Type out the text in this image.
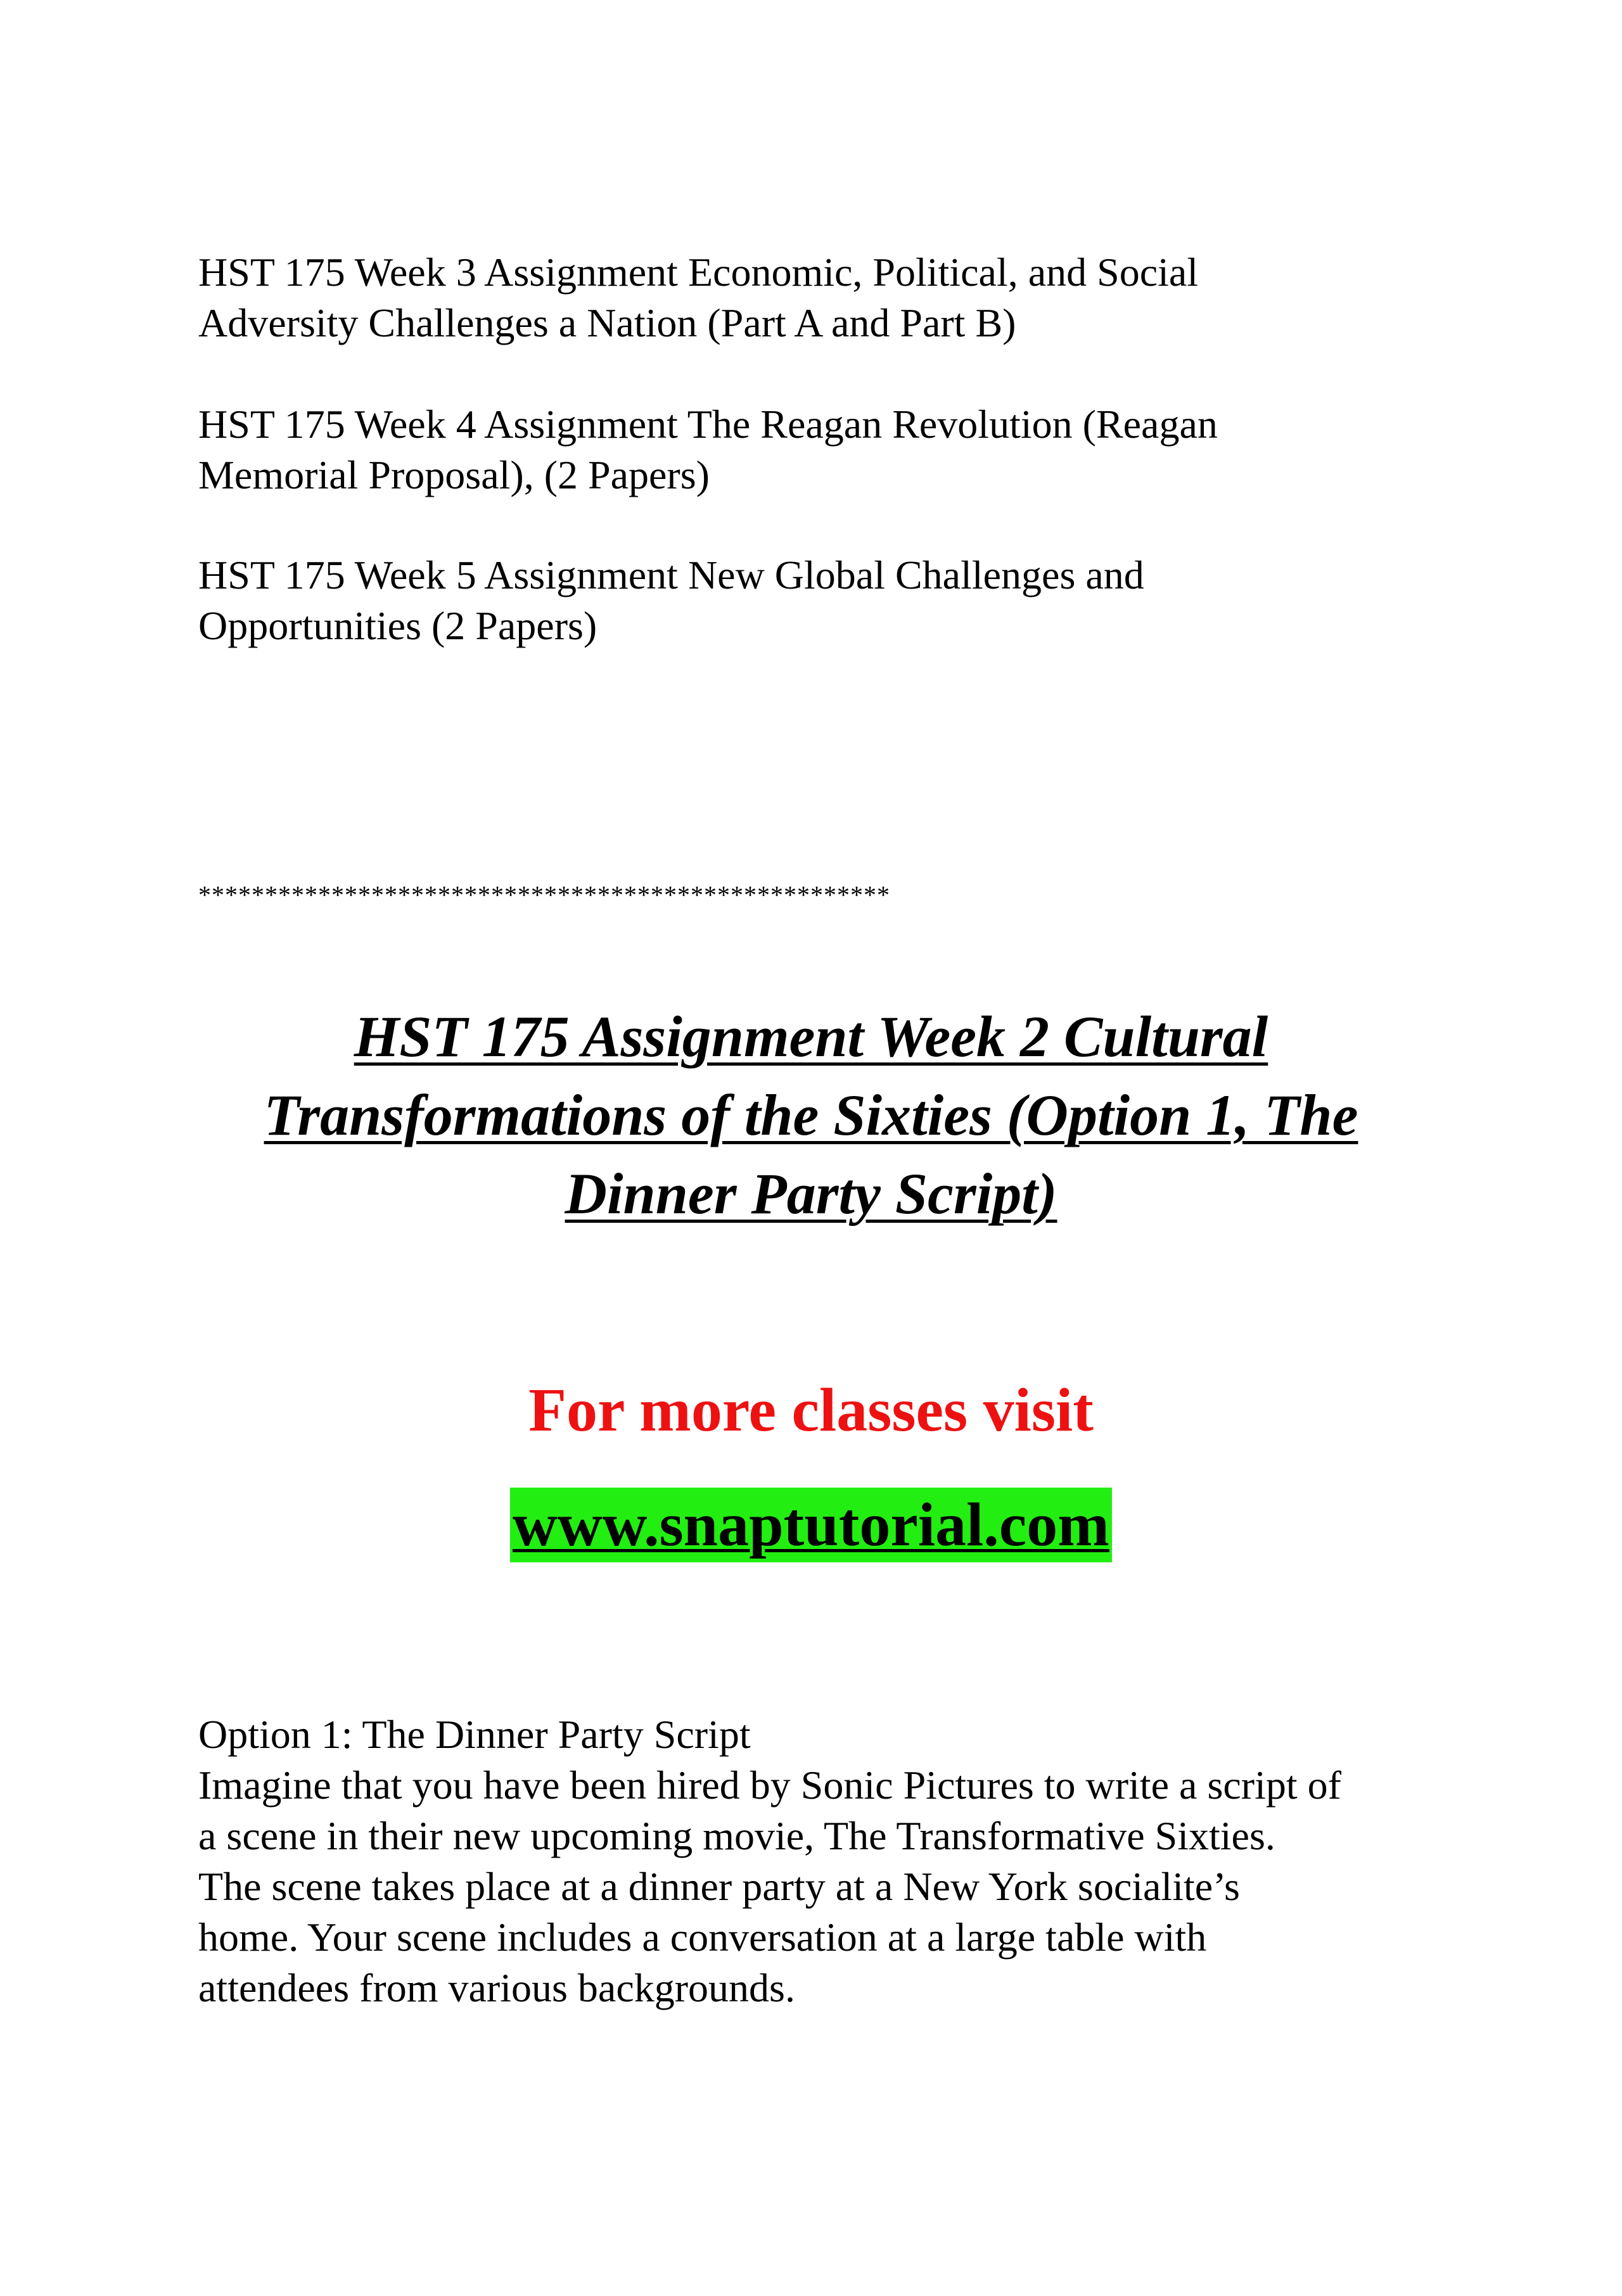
HST 175 Week 3 Assignment Economic, Political, and Social
Adversity Challenges a Nation (Part A and Part B)

HST 175 Week 4 Assignment The Reagan Revolution (Reagan
Memorial Proposal), (2 Papers)

HST 175 Week 5 Assignment New Global Challenges and
Opportunities (2 Papers)

****************************************************
HST 175 Assignment Week 2 Cultural
Transformations of the Sixties (Option 1, The
Dinner Party Script)

For more classes visit

www.snaptutorial.com
Option 1: The Dinner Party Script
Imagine that you have been hired by Sonic Pictures to write a script of
a scene in their new upcoming movie, The Transformative Sixties.
The scene takes place at a dinner party at a New York socialite’s
home. Your scene includes a conversation at a large table with
attendees from various backgrounds.
